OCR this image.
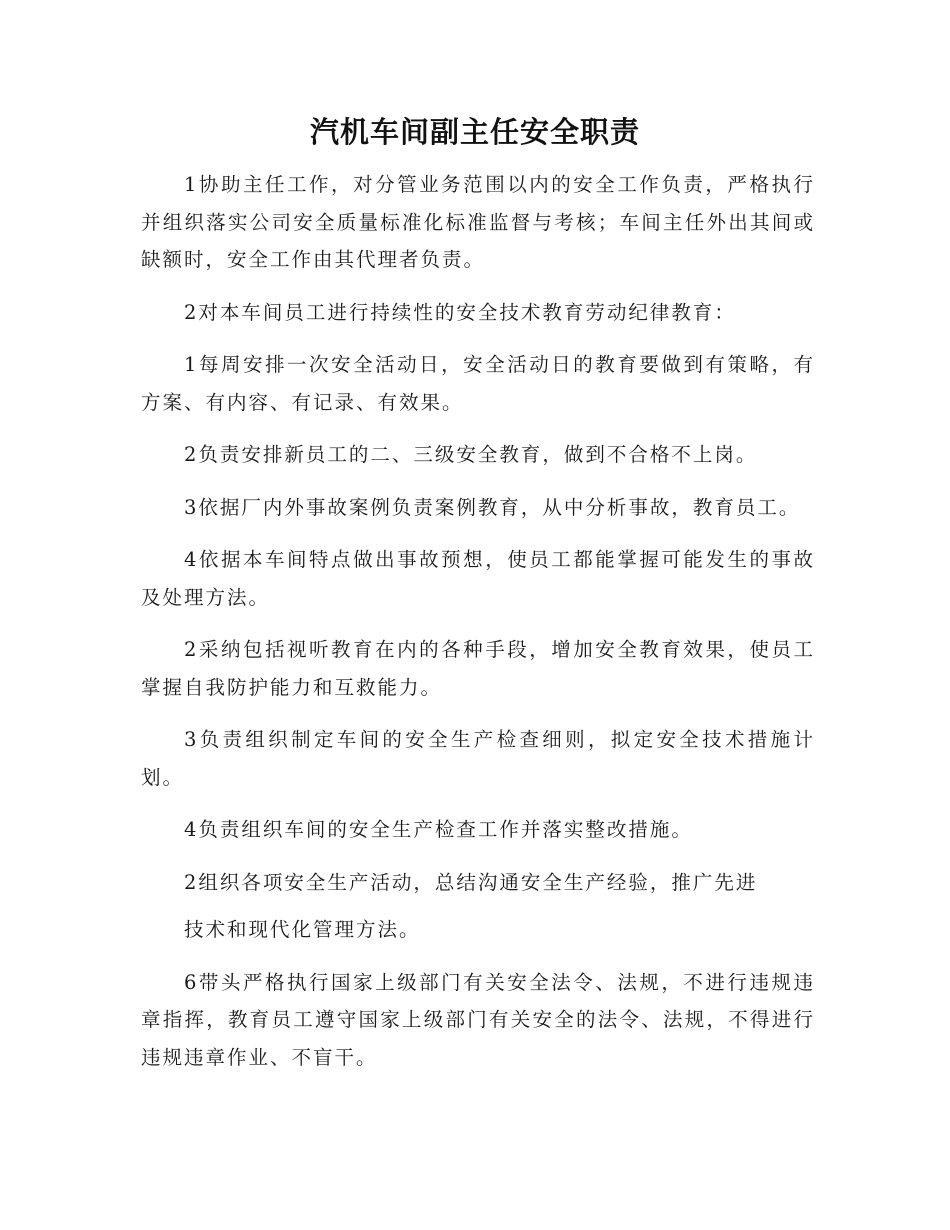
汽机车间副主任安全职责

1协助主任工作，对分管业务范围以内的安全工作负责，严格执行并组织落实公司安全质量标准化标准监督与考核；车间主任外出其间或缺额时，安全工作由其代理者负责。

2对本车间员工进行持续性的安全技术教育劳动纪律教育：

1每周安排一次安全活动日，安全活动日的教育要做到有策略，有方案、有内容、有记录、有效果。

2负责安排新员工的二、三级安全教育，做到不合格不上岗。

3依据厂内外事故案例负责案例教育，从中分析事故，教育员工。

4依据本车间特点做出事故预想，使员工都能掌握可能发生的事故及处理方法。

2采纳包括视听教育在内的各种手段，增加安全教育效果，使员工掌握自我防护能力和互救能力。

3负责组织制定车间的安全生产检查细则，拟定安全技术措施计划。

4负责组织车间的安全生产检查工作并落实整改措施。

2组织各项安全生产活动，总结沟通安全生产经验，推广先进

技术和现代化管理方法。

6带头严格执行国家上级部门有关安全法令、法规，不进行违规违章指挥，教育员工遵守国家上级部门有关安全的法令、法规，不得进行违规违章作业、不盲干。
